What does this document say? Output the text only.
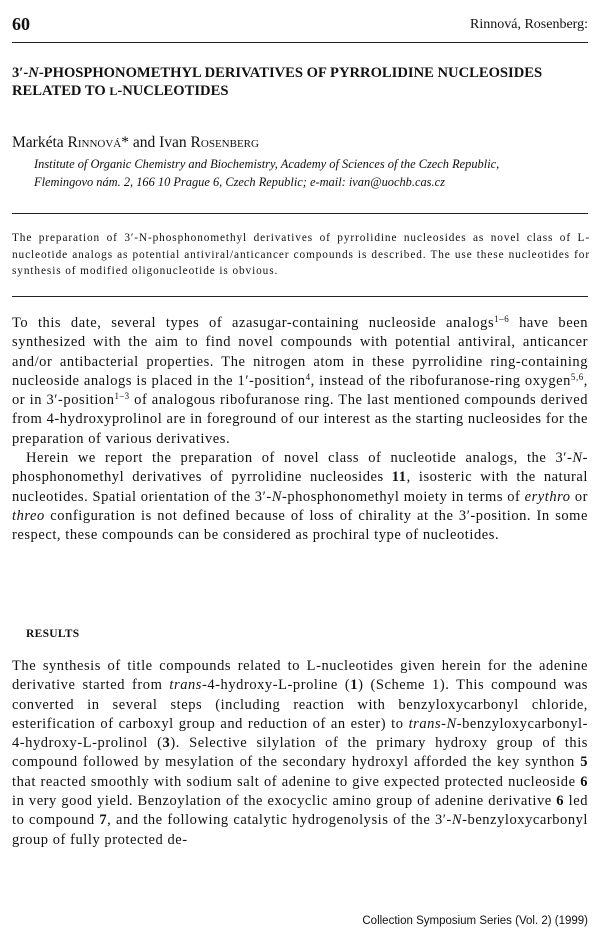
60	Rinnová, Rosenberg:
3′-N-PHOSPHONOMETHYL DERIVATIVES OF PYRROLIDINE NUCLEOSIDES RELATED TO L-NUCLEOTIDES
Markéta Rinnová* and Ivan Rosenberg
Institute of Organic Chemistry and Biochemistry, Academy of Sciences of the Czech Republic,
Flemingovo nám. 2, 166 10 Prague 6, Czech Republic; e-mail: ivan@uochb.cas.cz
The preparation of 3′-N-phosphonomethyl derivatives of pyrrolidine nucleosides as novel class of L-nucleotide analogs as potential antiviral/anticancer compounds is described. The use these nucleotides for synthesis of modified oligonucleotide is obvious.

To this date, several types of azasugar-containing nucleoside analogs$^{1-6}$ have been synthesized with the aim to find novel compounds with potential antiviral, anticancer and/or antibacterial properties. The nitrogen atom in these pyrrolidine ring-containing nucleoside analogs is placed in the 1′-position$^4$, instead of the ribofuranose-ring oxygen$^{5,6}$, or in 3′-position$^{1-3}$ of analogous ribofuranose ring. The last mentioned compounds derived from 4-hydroxyprolinol are in foreground of our interest as the starting nucleosides for the preparation of various derivatives.

Herein we report the preparation of novel class of nucleotide analogs, the 3′-N-phosphonomethyl derivatives of pyrrolidine nucleosides 11, isosteric with the natural nucleotides. Spatial orientation of the 3′-N-phosphonomethyl moiety in terms of erythro or threo configuration is not defined because of loss of chirality at the 3′-position. In some respect, these compounds can be considered as prochiral type of nucleotides.

RESULTS

The synthesis of title compounds related to L-nucleotides given herein for the adenine derivative started from trans-4-hydroxy-L-proline (1) (Scheme 1). This compound was converted in several steps (including reaction with benzyloxycarbonyl chloride, esterification of carboxyl group and reduction of an ester) to trans-N-benzyloxycarbonyl-4-hydroxy-L-prolinol (3). Selective silylation of the primary hydroxy group of this compound followed by mesylation of the secondary hydroxyl afforded the key synthon 5 that reacted smoothly with sodium salt of adenine to give expected protected nucleoside 6 in very good yield. Benzoylation of the exocyclic amino group of adenine derivative 6 led to compound 7, and the following catalytic hydrogenolysis of the 3′-N-benzyloxycarbonyl group of fully protected de-

Collection Symposium Series (Vol. 2) (1999)
